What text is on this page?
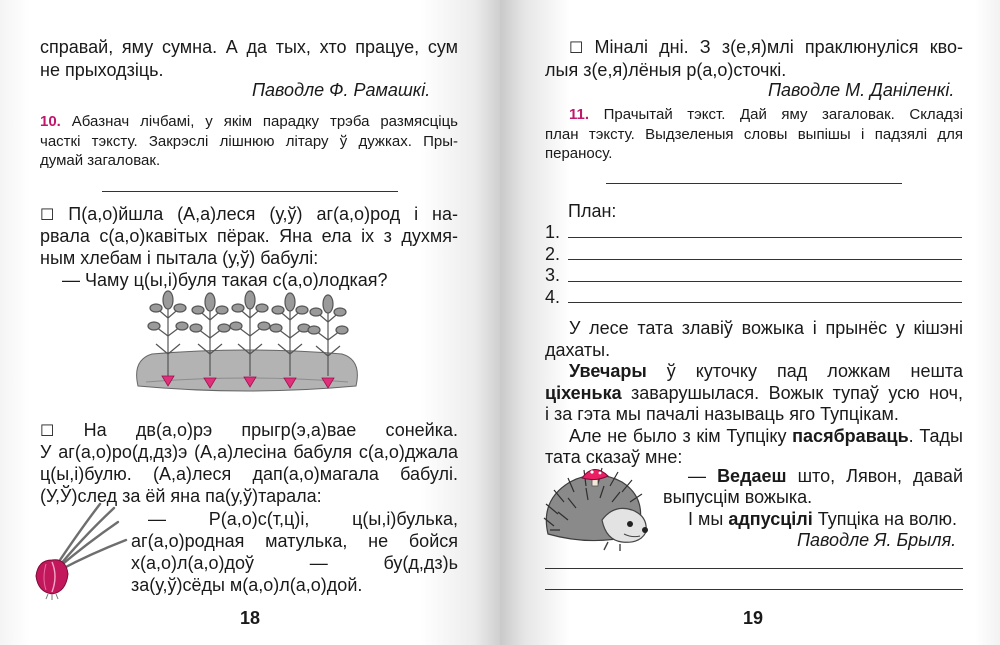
справай, яму сумна. А да тых, хто працуе, сум
не прыходзіць.
Паводле Ф. Рамашкі.
10. Абазнач лічбамі, у якім парадку трэба размясціць
часткі тэксту. Закрэслі лішнюю літару ў дужках. Пры-
думай загаловак.
☐ П(а,о)йшла (А,а)леся (у,ў) аг(а,о)род і на-
рвала с(а,о)кавітых пёрак. Яна ела іх з духмя-
ным хлебам і пытала (у,ў) бабулі:
— Чаму ц(ы,і)буля такая с(а,о)лодкая?
☐ На дв(а,о)рэ прыгр(э,а)вае сонейка.
У аг(а,о)ро(д,дз)э (А,а)лесіна бабуля с(а,о)джала
ц(ы,і)булю. (А,а)леся дап(а,о)магала бабулі.
(У,Ў)след за ёй яна па(у,ў)тарала:
— Р(а,о)с(т,ц)і, ц(ы,і)булька,
аг(а,о)родная матулька, не бойся
х(а,о)л(а,о)доў — бу(д,дз)ь
за(у,ў)сёды м(а,о)л(а,о)дой.
18
☐ Міналі дні. З з(е,я)млі праклюнуліся кво-
лыя з(е,я)лёныя р(а,о)сточкі.
Паводле М. Даніленкі.
11. Прачытай тэкст. Дай яму загаловак. Складзі
план тэксту. Выдзеленыя словы выпішы і падзялі для
пераносу.
План:
1.
2.
3.
4.
У лесе тата злавіў вожыка і прынёс у кішэні
дахаты.
Увечары ў куточку пад ложкам нешта
ціхенька заварушылася. Вожык тупаў усю ноч,
і за гэта мы пачалі называць яго Тупцікам.
Але не было з кім Тупціку пасябраваць. Тады
тата сказаў мне:
— Ведаеш што, Лявон, давай
выпусцім вожыка.
І мы адпусцілі Тупціка на волю.
Паводле Я. Брыля.
19
